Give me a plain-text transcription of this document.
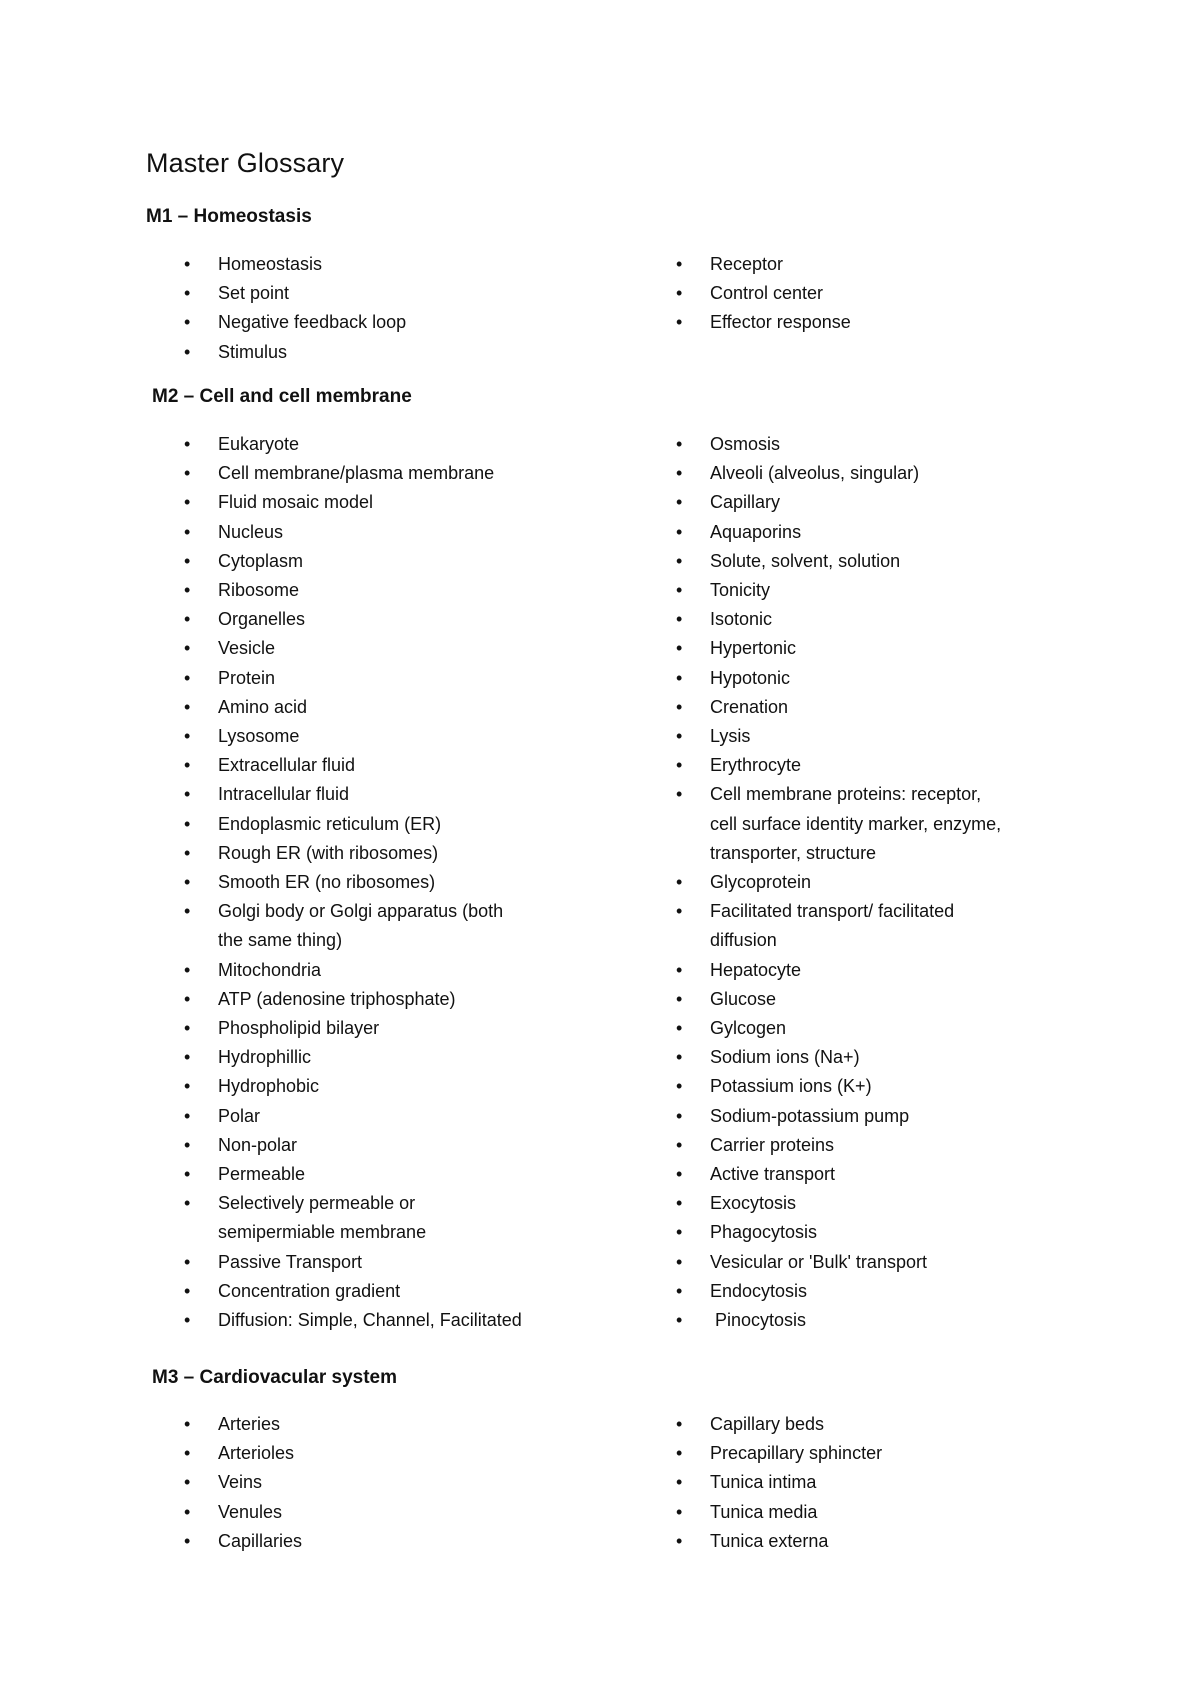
Master Glossary
M1 – Homeostasis
• Homeostasis
• Set point
• Negative feedback loop
• Stimulus
• Receptor
• Control center
• Effector response
M2 – Cell and cell membrane
• Eukaryote
• Cell membrane/plasma membrane
• Fluid mosaic model
• Nucleus
• Cytoplasm
• Ribosome
• Organelles
• Vesicle
• Protein
• Amino acid
• Lysosome
• Extracellular fluid
• Intracellular fluid
• Endoplasmic reticulum (ER)
• Rough ER (with ribosomes)
• Smooth ER (no ribosomes)
• Golgi body or Golgi apparatus (both the same thing)
• Mitochondria
• ATP (adenosine triphosphate)
• Phospholipid bilayer
• Hydrophillic
• Hydrophobic
• Polar
• Non-polar
• Permeable
• Selectively permeable or semipermiable membrane
• Passive Transport
• Concentration gradient
• Diffusion: Simple, Channel, Facilitated
• Osmosis
• Alveoli (alveolus, singular)
• Capillary
• Aquaporins
• Solute, solvent, solution
• Tonicity
• Isotonic
• Hypertonic
• Hypotonic
• Crenation
• Lysis
• Erythrocyte
• Cell membrane proteins: receptor, cell surface identity marker, enzyme, transporter, structure
• Glycoprotein
• Facilitated transport/ facilitated diffusion
• Hepatocyte
• Glucose
• Gylcogen
• Sodium ions (Na+)
• Potassium ions (K+)
• Sodium-potassium pump
• Carrier proteins
• Active transport
• Exocytosis
• Phagocytosis
• Vesicular or 'Bulk' transport
• Endocytosis
•  Pinocytosis
M3 – Cardiovacular system
• Arteries
• Arterioles
• Veins
• Venules
• Capillaries
• Capillary beds
• Precapillary sphincter
• Tunica intima
• Tunica media
• Tunica externa
